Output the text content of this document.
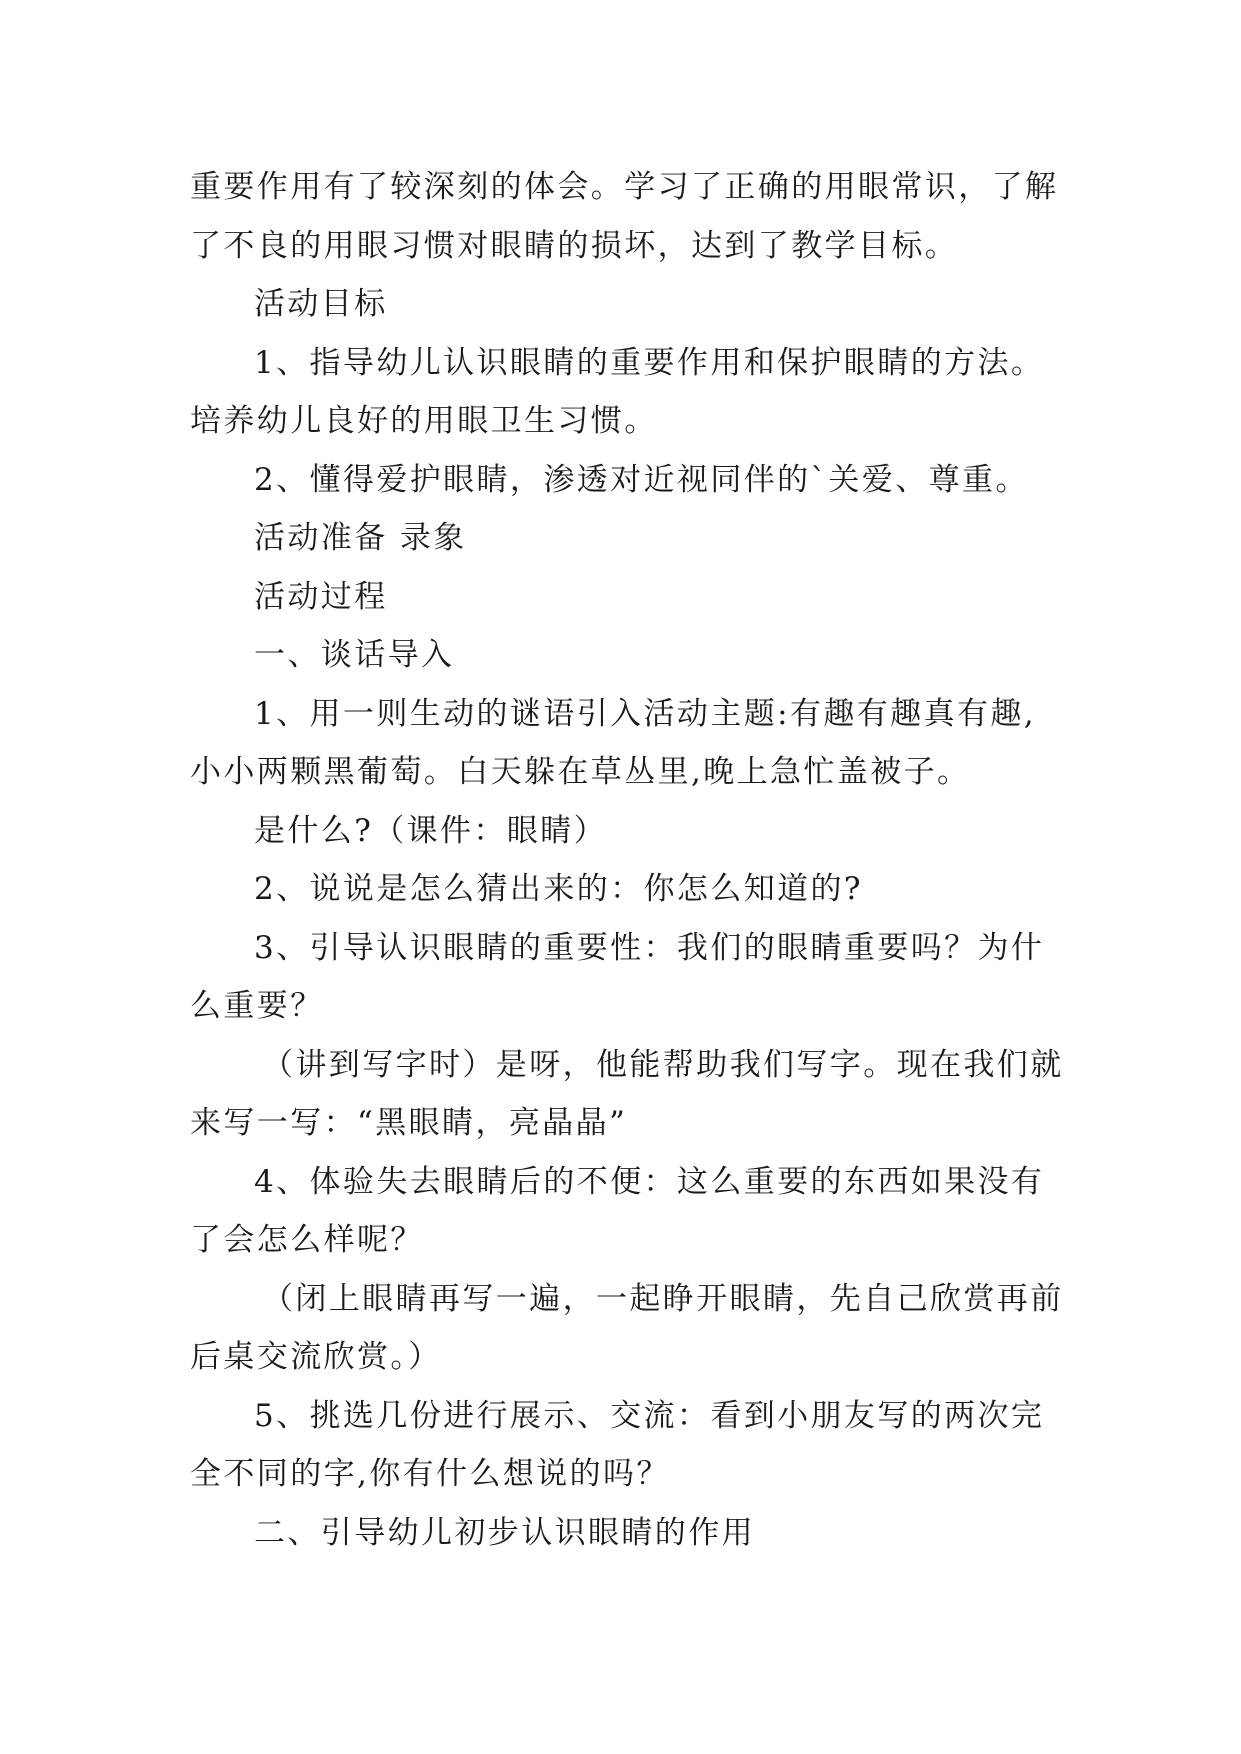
重要作用有了较深刻的体会。学习了正确的用眼常识，了解
了不良的用眼习惯对眼睛的损坏，达到了教学目标。
活动目标
1、指导幼儿认识眼睛的重要作用和保护眼睛的方法。
培养幼儿良好的用眼卫生习惯。
2、懂得爱护眼睛，渗透对近视同伴的`关爱、尊重。
活动准备 录象
活动过程
一、谈话导入
1、用一则生动的谜语引入活动主题:有趣有趣真有趣,
小小两颗黑葡萄。白天躲在草丛里,晚上急忙盖被子。
是什么?（课件：眼睛）
2、说说是怎么猜出来的：你怎么知道的?
3、引导认识眼睛的重要性：我们的眼睛重要吗？为什
么重要？
（讲到写字时）是呀，他能帮助我们写字。现在我们就
来写一写：“黑眼睛，亮晶晶”
4、体验失去眼睛后的不便：这么重要的东西如果没有
了会怎么样呢？
（闭上眼睛再写一遍，一起睁开眼睛，先自己欣赏再前
后桌交流欣赏。）
5、挑选几份进行展示、交流：看到小朋友写的两次完
全不同的字,你有什么想说的吗？
二、引导幼儿初步认识眼睛的作用
